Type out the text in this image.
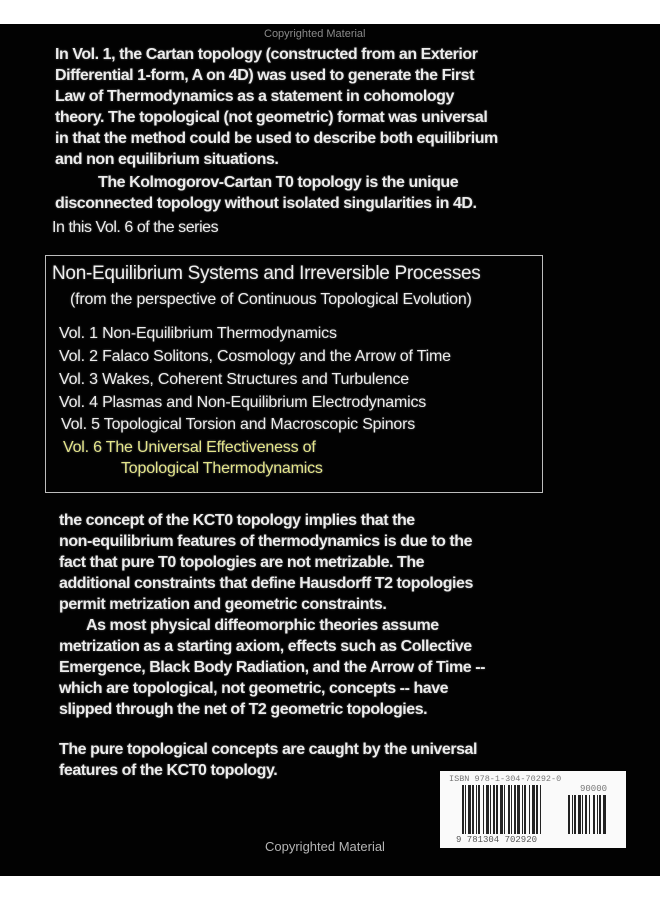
Copyrighted Material
In Vol. 1, the Cartan topology (constructed from an Exterior
Differential 1-form, A on 4D) was used to generate the First
Law of Thermodynamics as a statement in cohomology
theory. The topological (not geometric) format was universal
in that the method could be used to describe both equilibrium
and non equilibrium situations.
The Kolmogorov-Cartan T0 topology is the unique
disconnected topology without isolated singularities in 4D.
In this Vol. 6 of the series
Non-Equilibrium Systems and Irreversible Processes
(from the perspective of Continuous Topological Evolution)
Vol. 1 Non-Equilibrium Thermodynamics
Vol. 2 Falaco Solitons, Cosmology and the Arrow of Time
Vol. 3 Wakes, Coherent Structures and Turbulence
Vol. 4 Plasmas and Non-Equilibrium Electrodynamics
Vol. 5 Topological Torsion and Macroscopic Spinors
Vol. 6 The Universal Effectiveness of
Topological Thermodynamics
the concept of the KCT0 topology implies that the
non-equilibrium features of thermodynamics is due to the
fact that pure T0 topologies are not metrizable. The
additional constraints that define Hausdorff T2 topologies
permit metrization and geometric constraints.
As most physical diffeomorphic theories assume
metrization as a starting axiom, effects such as Collective
Emergence, Black Body Radiation, and the Arrow of Time --
which are topological, not geometric, concepts -- have
slipped through the net of T2 geometric topologies.
The pure topological concepts are caught by the universal
features of the KCT0 topology.	ISBN 978-1-304-70292-0
90000
9 781304 702920
Copyrighted Material
